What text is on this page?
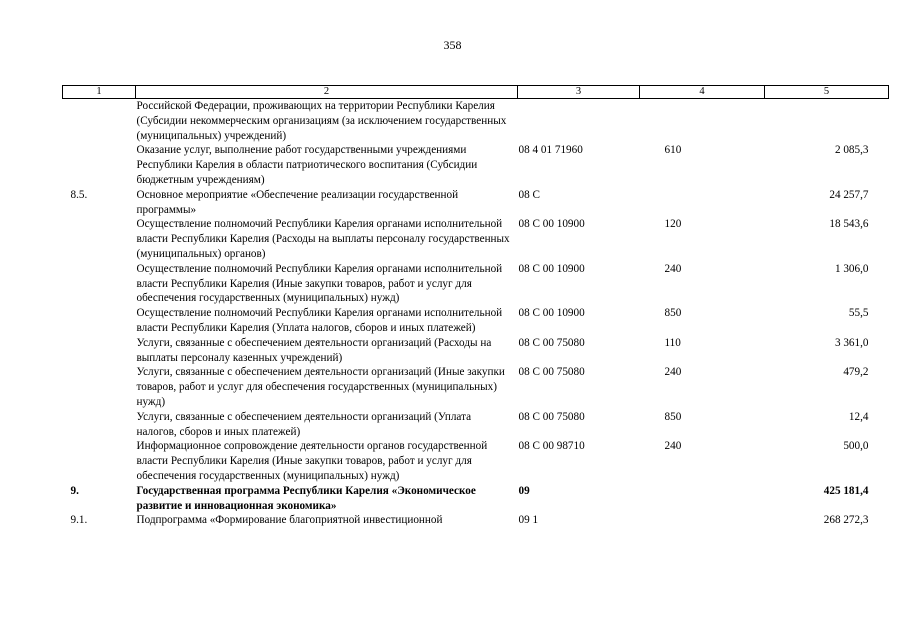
358
1	2	3	4	5
	Российской Федерации, проживающих на территории Республики Карелия (Субсидии некоммерческим организациям (за исключением государственных (муниципальных) учреждений)			
	Оказание услуг, выполнение работ государственными учреждениями Республики Карелия в области патриотического воспитания (Субсидии бюджетным учреждениям)	08 4 01 71960	610	2 085,3
8.5.	Основное мероприятие «Обеспечение реализации государственной программы»	08 С		24 257,7
	Осуществление полномочий Республики Карелия органами исполнительной власти Республики Карелия (Расходы на выплаты персоналу государственных (муниципальных) органов)	08 С 00 10900	120	18 543,6
	Осуществление полномочий Республики Карелия органами исполнительной власти Республики Карелия (Иные закупки товаров, работ и услуг для обеспечения государственных (муниципальных) нужд)	08 С 00 10900	240	1 306,0
	Осуществление полномочий Республики Карелия органами исполнительной власти Республики Карелия (Уплата налогов, сборов и иных платежей)	08 С 00 10900	850	55,5
	Услуги, связанные с обеспечением деятельности организаций (Расходы на выплаты персоналу казенных учреждений)	08 С 00 75080	110	3 361,0
	Услуги, связанные с обеспечением деятельности организаций (Иные закупки товаров, работ и услуг для обеспечения государственных (муниципальных) нужд)	08 С 00 75080	240	479,2
	Услуги, связанные с обеспечением деятельности организаций (Уплата налогов, сборов и иных платежей)	08 С 00 75080	850	12,4
	Информационное сопровождение деятельности органов государственной власти Республики Карелия (Иные закупки товаров, работ и услуг для обеспечения государственных (муниципальных) нужд)	08 С 00 98710	240	500,0
9.	Государственная программа Республики Карелия «Экономическое развитие и инновационная экономика»	09		425 181,4
9.1.	Подпрограмма «Формирование благоприятной инвестиционной	09 1		268 272,3
